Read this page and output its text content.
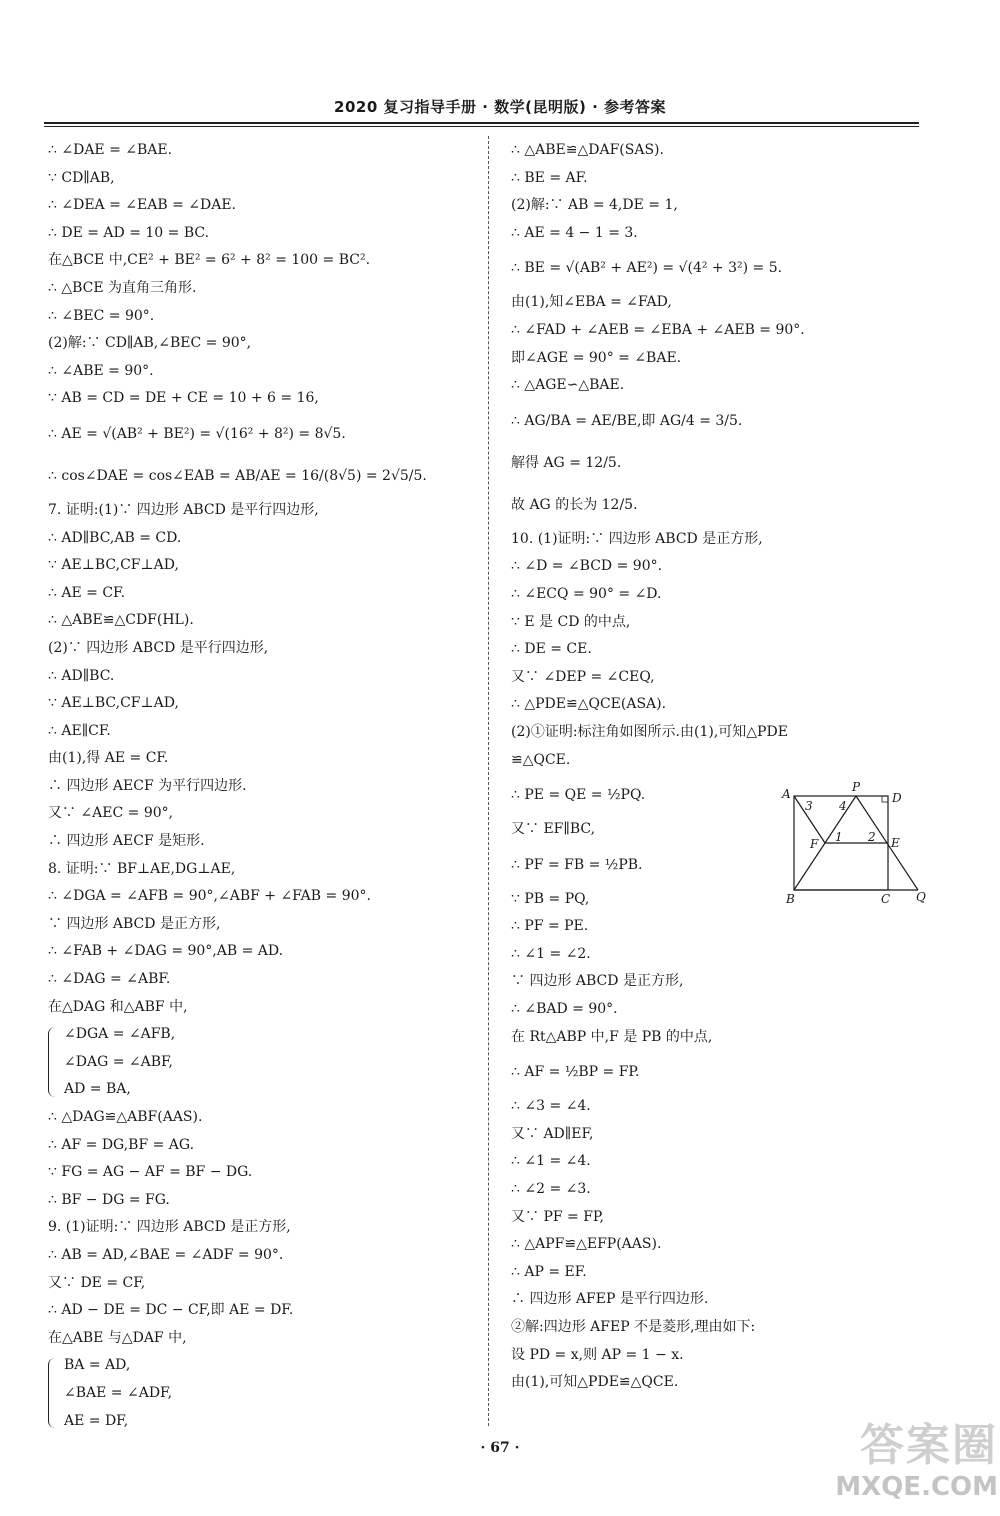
2020 复习指导手册 · 数学(昆明版) · 参考答案
∴ ∠DAE = ∠BAE.
∵ CD∥AB,
∴ ∠DEA = ∠EAB = ∠DAE.
∴ DE = AD = 10 = BC.
在△BCE 中,CE² + BE² = 6² + 8² = 100 = BC².
∴ △BCE 为直角三角形.
∴ ∠BEC = 90°.
(2)解:∵ CD∥AB,∠BEC = 90°,
∴ ∠ABE = 90°.
∵ AB = CD = DE + CE = 10 + 6 = 16,
∴ AE = √(AB² + BE²) = √(16² + 8²) = 8√5.
∴ cos∠DAE = cos∠EAB = AB/AE = 16/(8√5) = 2√5/5.
7. 证明:(1)∵ 四边形 ABCD 是平行四边形,
∴ AD∥BC,AB = CD.
∵ AE⊥BC,CF⊥AD,
∴ AE = CF.
∴ △ABE≌△CDF(HL).
(2)∵ 四边形 ABCD 是平行四边形,
∴ AD∥BC.
∵ AE⊥BC,CF⊥AD,
∴ AE∥CF.
由(1),得 AE = CF.
∴ 四边形 AECF 为平行四边形.
又∵ ∠AEC = 90°,
∴ 四边形 AECF 是矩形.
8. 证明:∵ BF⊥AE,DG⊥AE,
∴ ∠DGA = ∠AFB = 90°,∠ABF + ∠FAB = 90°.
∵ 四边形 ABCD 是正方形,
∴ ∠FAB + ∠DAG = 90°,AB = AD.
∴ ∠DAG = ∠ABF.
在△DAG 和△ABF 中,
∠DGA = ∠AFB,
∠DAG = ∠ABF,
AD = BA,
∴ △DAG≌△ABF(AAS).
∴ AF = DG,BF = AG.
∵ FG = AG − AF = BF − DG.
∴ BF − DG = FG.
9. (1)证明:∵ 四边形 ABCD 是正方形,
∴ AB = AD,∠BAE = ∠ADF = 90°.
又∵ DE = CF,
∴ AD − DE = DC − CF,即 AE = DF.
在△ABE 与△DAF 中,
BA = AD,
∠BAE = ∠ADF,
AE = DF,
∴ △ABE≌△DAF(SAS).
∴ BE = AF.
(2)解:∵ AB = 4,DE = 1,
∴ AE = 4 − 1 = 3.
∴ BE = √(AB² + AE²) = √(4² + 3²) = 5.
由(1),知∠EBA = ∠FAD,
∴ ∠FAD + ∠AEB = ∠EBA + ∠AEB = 90°.
即∠AGE = 90° = ∠BAE.
∴ △AGE∽△BAE.
∴ AG/BA = AE/BE,即 AG/4 = 3/5.
解得 AG = 12/5.
故 AG 的长为 12/5.
10. (1)证明:∵ 四边形 ABCD 是正方形,
∴ ∠D = ∠BCD = 90°.
∴ ∠ECQ = 90° = ∠D.
∵ E 是 CD 的中点,
∴ DE = CE.
又∵ ∠DEP = ∠CEQ,
∴ △PDE≌△QCE(ASA).
(2)①证明:标注角如图所示.由(1),可知△PDE
≌△QCE.
∴ PE = QE = ½PQ.
又∵ EF∥BC,
∴ PF = FB = ½PB.
∵ PB = PQ,
∴ PF = PE.
∴ ∠1 = ∠2.
∵ 四边形 ABCD 是正方形,
∴ ∠BAD = 90°.
在 Rt△ABP 中,F 是 PB 的中点,
∴ AF = ½BP = FP.
∴ ∠3 = ∠4.
又∵ AD∥EF,
∴ ∠1 = ∠4.
∴ ∠2 = ∠3.
又∵ PF = FP,
∴ △APF≌△EFP(AAS).
∴ AP = EF.
∴ 四边形 AFEP 是平行四边形.
②解:四边形 AFEP 不是菱形,理由如下:
设 PD = x,则 AP = 1 − x.
由(1),可知△PDE≌△QCE.
A	P
D
F	E
B	C Q
1 2
3 4
· 67 ·	答案圈
MXQE.COM
